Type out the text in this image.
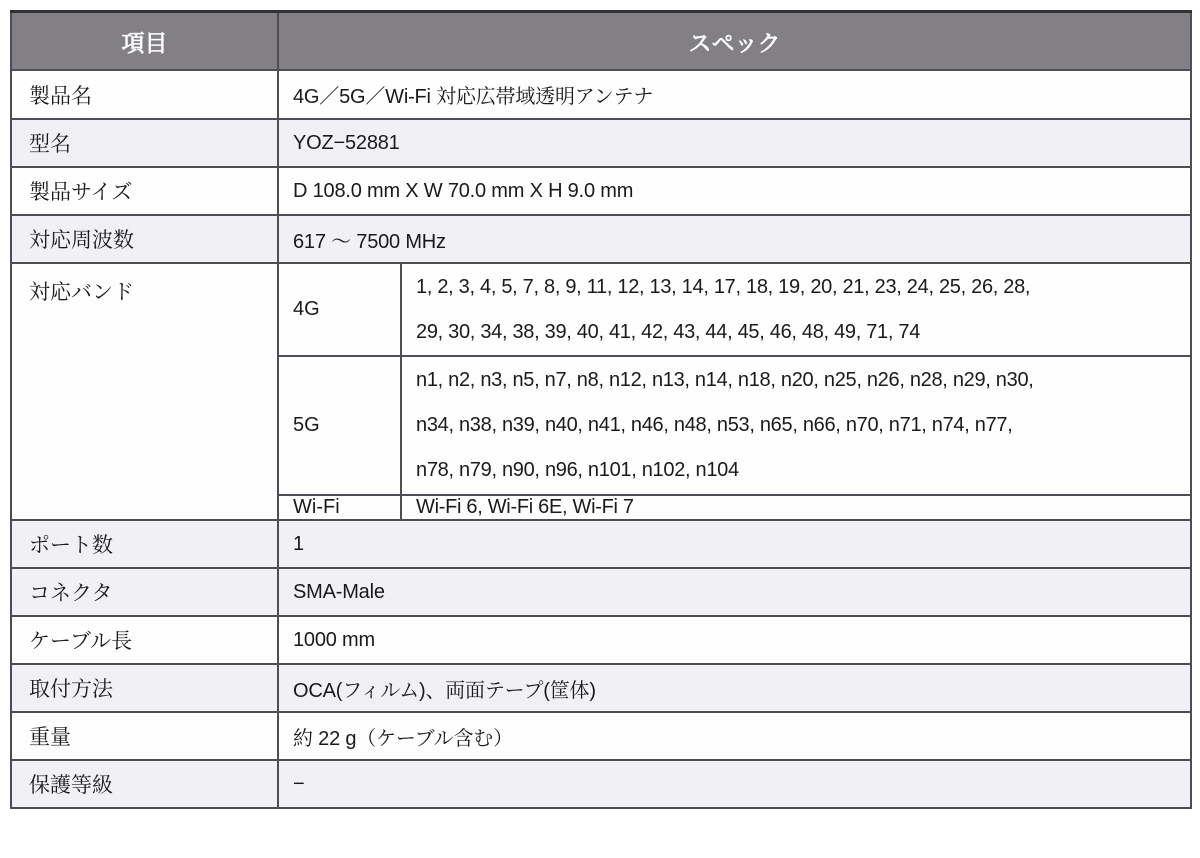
項目	スペック	
製品名	4G／5G／Wi-Fi 対応広帯域透明アンテナ	
型名	YOZ−52881	
製品サイズ	D 108.0 mm X W 70.0 mm X H 9.0 mm	
対応周波数	617 ～ 7500 MHz	
対応バンド	4G	1, 2, 3, 4, 5, 7, 8, 9, 11, 12, 13, 14, 17, 18, 19, 20, 21, 23, 24, 25, 26, 28,
29, 30, 34, 38, 39, 40, 41, 42, 43, 44, 45, 46, 48, 49, 71, 74

	5G	n1, n2, n3, n5, n7, n8, n12, n13, n14, n18, n20, n25, n26, n28, n29, n30,
n34, n38, n39, n40, n41, n46, n48, n53, n65, n66, n70, n71, n74, n77,
n78, n79, n90, n96, n101, n102, n104

	Wi-Fi	Wi-Fi 6, Wi-Fi 6E, Wi-Fi 7
ポート数	1	
コネクタ	SMA-Male	
ケーブル長	1000 mm	
取付方法	OCA(フィルム)、両面テープ(筐体)	
重量	約 22 g（ケーブル含む）	
保護等級	−	
